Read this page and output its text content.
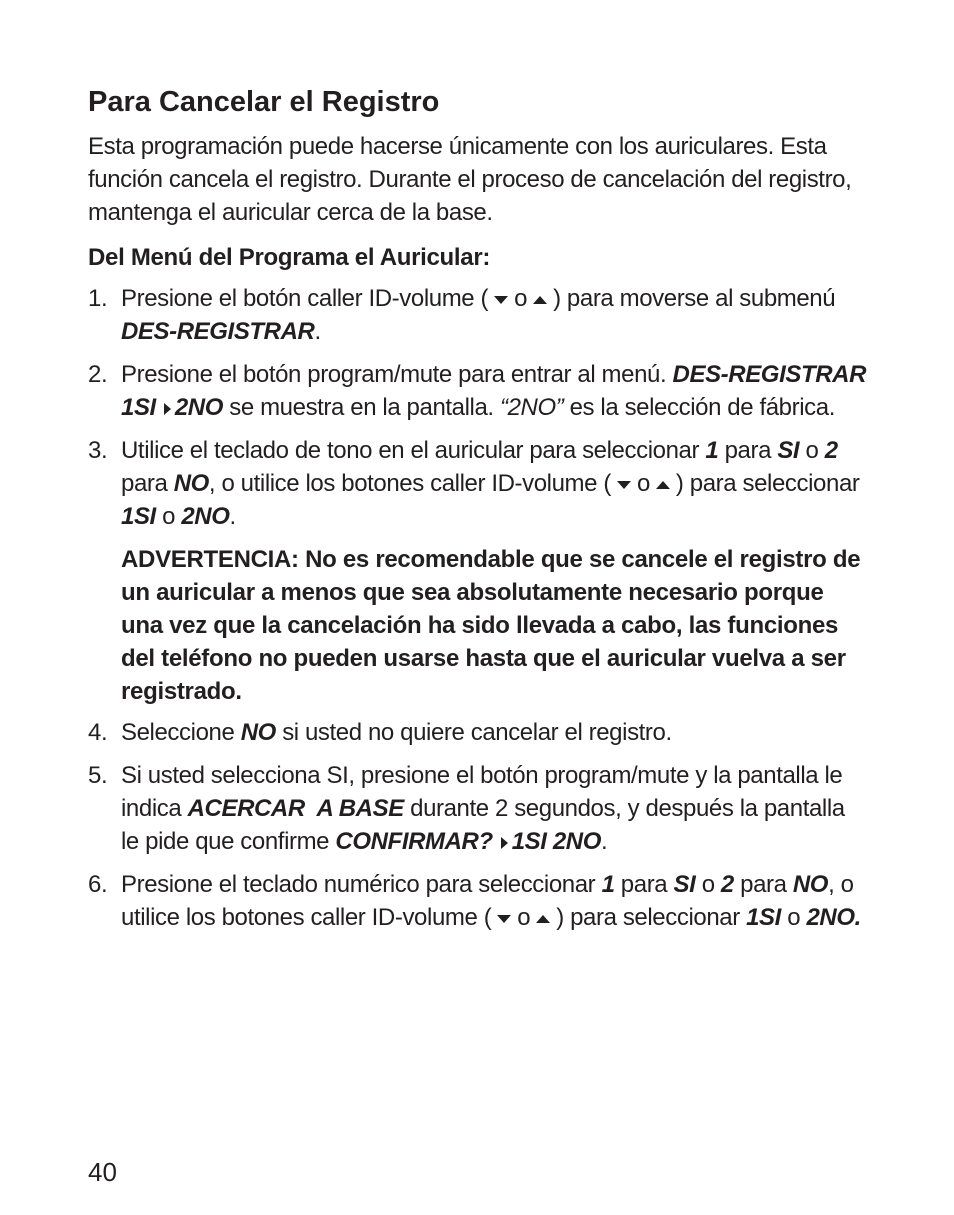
Para Cancelar el Registro

Esta programación puede hacerse únicamente con los auriculares. Esta función cancela el registro. Durante el proceso de cancelación del registro, mantenga el auricular cerca de la base.

Del Menú del Programa el Auricular:
1. Presione el botón caller ID-volume ( o ) para moverse al submenú DES-REGISTRAR.
2. Presione el botón program/mute para entrar al menú. DES-REGISTRAR 1SI 2NO se muestra en la pantalla. “2NO” es la selección de fábrica.
3. Utilice el teclado de tono en el auricular para seleccionar 1 para SI o 2 para NO, o utilice los botones caller ID-volume ( o ) para seleccionar 1SI o 2NO.
ADVERTENCIA: No es recomendable que se cancele el registro de un auricular a menos que sea absolutamente necesario porque una vez que la cancelación ha sido llevada a cabo, las funciones del teléfono no pueden usarse hasta que el auricular vuelva a ser registrado.
4. Seleccione NO si usted no quiere cancelar el registro.
5. Si usted selecciona SI, presione el botón program/mute y la pantalla le indica ACERCAR  A BASE durante 2 segundos, y después la pantalla le pide que confirme CONFIRMAR? 1SI 2NO.
6. Presione el teclado numérico para seleccionar 1 para SI o 2 para NO, o utilice los botones caller ID-volume ( o ) para seleccionar 1SI o 2NO.
40
